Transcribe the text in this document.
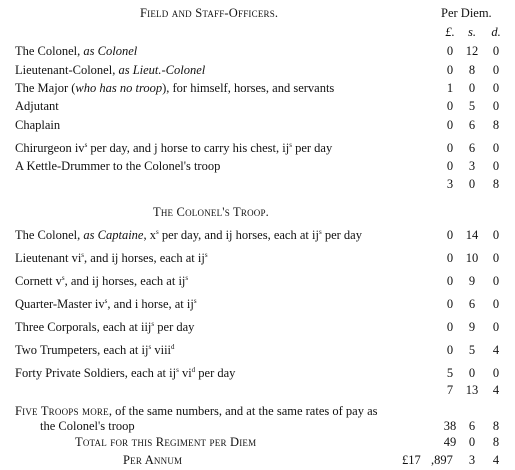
Field and Staff-Officers.	Per Diem.
£.	s.	d.
The Colonel, as Colonel	0	12	0
Lieutenant-Colonel, as Lieut.-Colonel	0	8	0
The Major (who has no troop), for himself, horses, and servants	1	0	0
Adjutant	0	5	0
Chaplain	0	6	8
Chirurgeon $iv^s$ per day, and j horse to carry his chest, $ij^s$ per day	0	6	0
A Kettle-Drummer to the Colonel's troop	0	3	0
3	0	8
The Colonel's Troop.
The Colonel, as Captaine, $x^s$ per day, and ij horses, each at $ij^s$ per day	0	14	0
Lieutenant $vi^s$, and ij horses, each at $ij^s$	0	10	0
Cornett $v^s$, and ij horses, each at $ij^s$	0	9	0
Quarter-Master $iv^s$, and i horse, at $ij^s$	0	6	0
Three Corporals, each at iij$^s$ per day	0	9	0
Two Trumpeters, each at $ij^s$ viii$^d$	0	5	4
Forty Private Soldiers, each at $ij^s$ $vi^d$ per day	5	0	0
7	13	4
Five Troops more, of the same numbers, and at the same rates of pay as
the Colonel's troop	38	6	8
Total for this Regiment per Diem	49	0	8
Per Annum	£17 ,897	3	4
